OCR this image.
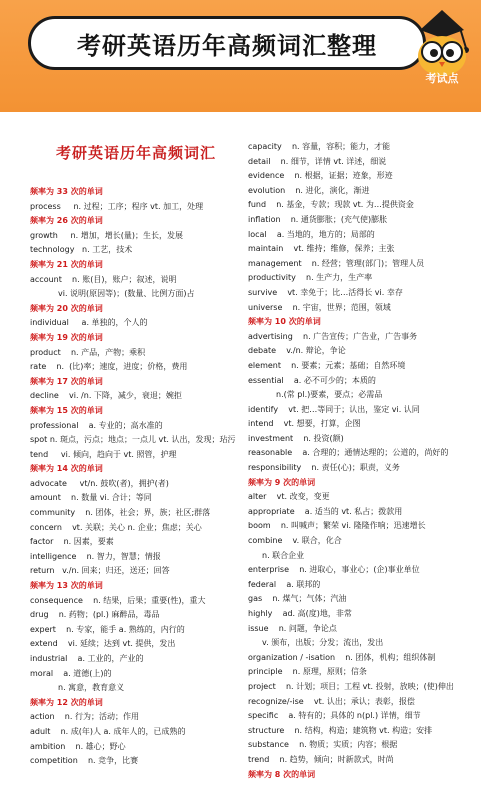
考研英语历年高频词汇整理
考试点
考研英语历年高频词汇
频率为 33 次的单词
process     n. 过程；工序；程序 vt. 加工，处理
频率为 26 次的单词
growth     n. 增加，增长(量)；生长，发展
technology   n. 工艺，技术
频率为 21 次的单词
account    n. 账(目)，账户；叙述，说明
vi. 说明(原因等)；(数量、比例方面)占
频率为 20 次的单词
individual     a. 单独的，个人的
频率为 19 次的单词
product    n. 产品，产物；乘积
rate    n.  (比)率；速度，进度；价格，费用
频率为 17 次的单词
decline    vi. /n. 下降，减少，衰退；婉拒
频率为 15 次的单词
professional    a. 专业的；高水准的
spot n. 斑点，污点；地点；一点儿 vt. 认出，发现；玷污
tend     vi. 倾向，趋向于 vt. 照管，护理
频率为 14 次的单词
advocate     vt/n. 鼓吹(者)，拥护(者)
amount    n. 数量 vi. 合计；等同
community    n. 团体，社会；界，族；社区;群落
concern    vt. 关联；关心 n. 企业；焦虑；关心
factor    n. 因素，要素
intelligence    n. 智力，智慧；情报
return   v./n. 回来；归还，送还；回答
频率为 13 次的单词
consequence    n. 结果，后果；重要(性)，重大
drug    n. 药物；(pl.) 麻醉品，毒品
expert    n. 专家，能手 a. 熟练的，内行的
extend    vi. 延续；达到 vt. 提供，发出
industrial    a. 工业的，产业的
moral    a. 道德(上)的
n. 寓意，教育意义
频率为 12 次的单词
action    n. 行为；活动；作用
adult    n. 成(年)人 a. 成年人的，已成熟的
ambition    n. 雄心；野心
competition    n. 竞争，比赛
capacity    n. 容量，容积；能力，才能
detail    n. 细节，详情 vt. 详述，细说
evidence    n. 根据，证据；迹象，形迹
evolution    n. 进化，演化，渐进
fund    n. 基金，专款；现款 vt. 为…提供资金
inflation    n. 通货膨胀；(充气使)膨胀
local    a. 当地的，地方的；局部的
maintain    vt. 维持；维修，保养；主张
management    n. 经营；管理(部门)；管理人员
productivity    n. 生产力，生产率
survive    vt. 幸免于；比…活得长 vi. 幸存
universe    n. 宇宙，世界；范围，领域
频率为 10 次的单词
advertising    n. 广告宣传；广告业，广告事务
debate    v./n. 辩论，争论
element    n. 要素；元素；基础；自然环境
essential    a. 必不可少的；本质的
n.(常 pl.)要素，要点；必需品
identify    vt. 把…等同于；认出，鉴定 vi. 认同
intend    vt. 想要，打算，企图
investment    n. 投资(额)
reasonable    a. 合理的；通情达理的；公道的，尚好的
responsibility    n. 责任(心)；职责，义务
频率为 9 次的单词
alter    vt. 改变，变更
appropriate    a. 适当的 vt. 私占；拨款用
boom    n. 叫喊声；繁荣 vi. 隆隆作响；迅速增长
combine    v. 联合，化合
n. 联合企业
enterprise    n. 进取心，事业心；(企)事业单位
federal    a. 联邦的
gas    n. 煤气；气体；汽油
highly    ad. 高(度)地，非常
issue    n. 问题，争论点
v. 颁布，出版；分发；流出，发出
organization / -isation    n. 团体，机构；组织体制
principle    n. 原理，原则；信条
project    n. 计划；项目；工程 vt. 投射，放映；(使)伸出
recognize/-ise    vt. 认出；承认；表彰，报偿
specific    a. 特有的；具体的 n(pl.) 详情，细节
structure    n. 结构，构造；建筑物 vt. 构造；安排
substance    n. 物质；实质；内容；根据
trend    n. 趋势，倾向；时新款式，时尚
频率为 8 次的单词
